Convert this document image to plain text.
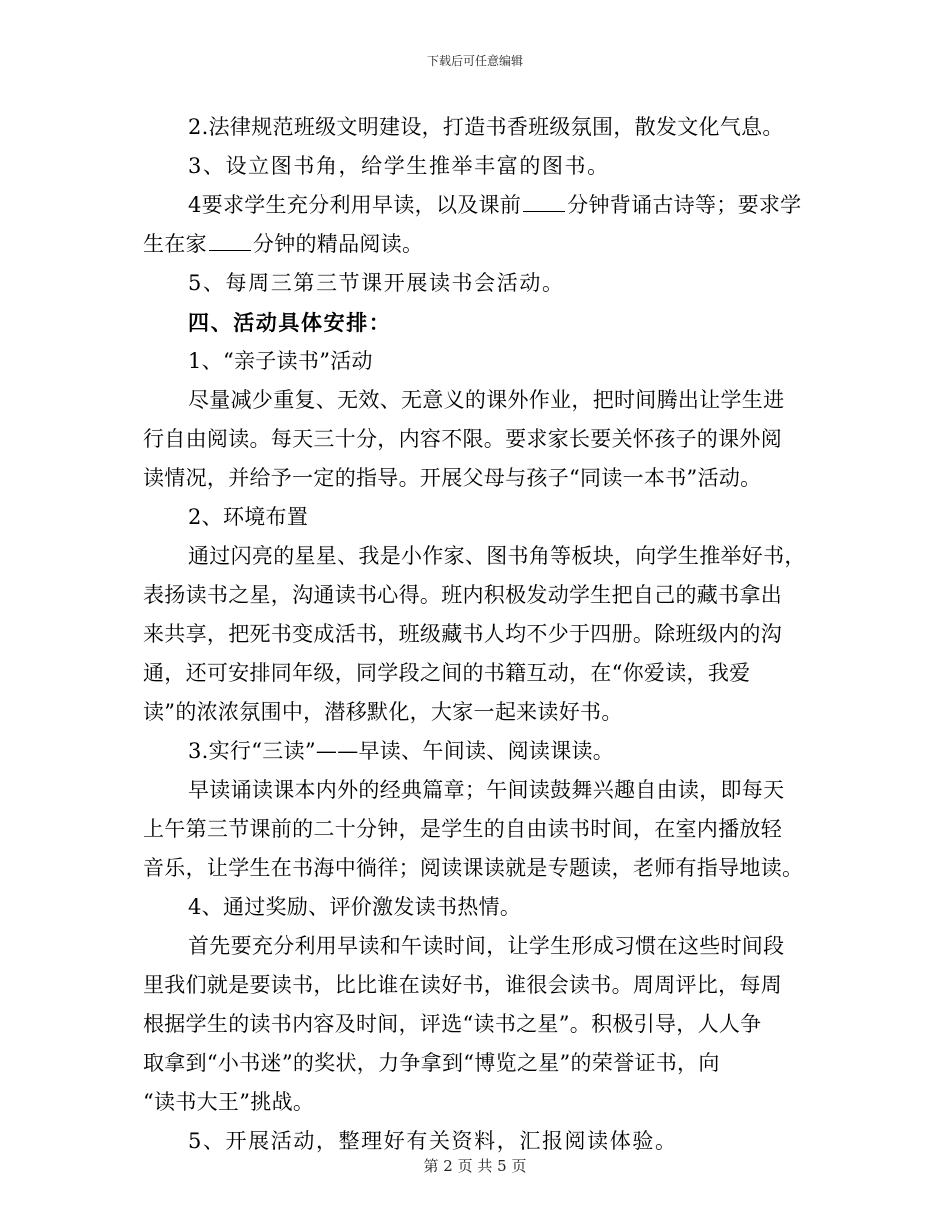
下载后可任意编辑
2.法律规范班级文明建设，打造书香班级氛围，散发文化气息。
3、设立图书角，给学生推举丰富的图书。
4要求学生充分利用早读，以及课前 分钟背诵古诗等；要求学
生在家 分钟的精品阅读。
5、每周三第三节课开展读书会活动。
四、活动具体安排：
1、“亲子读书”活动
尽量减少重复、无效、无意义的课外作业，把时间腾出让学生进
行自由阅读。每天三十分，内容不限。要求家长要关怀孩子的课外阅
读情况，并给予一定的指导。开展父母与孩子“同读一本书”活动。
2、环境布置
通过闪亮的星星、我是小作家、图书角等板块，向学生推举好书，
表扬读书之星，沟通读书心得。班内积极发动学生把自己的藏书拿出
来共享，把死书变成活书，班级藏书人均不少于四册。除班级内的沟
通，还可安排同年级，同学段之间的书籍互动，在“你爱读，我爱
读”的浓浓氛围中，潜移默化，大家一起来读好书。
3.实行“三读”——早读、午间读、阅读课读。
早读诵读课本内外的经典篇章；午间读鼓舞兴趣自由读，即每天
上午第三节课前的二十分钟，是学生的自由读书时间，在室内播放轻
音乐，让学生在书海中徜徉；阅读课读就是专题读，老师有指导地读。
4、通过奖励、评价激发读书热情。
首先要充分利用早读和午读时间，让学生形成习惯在这些时间段
里我们就是要读书，比比谁在读好书，谁很会读书。周周评比，每周
根据学生的读书内容及时间，评选“读书之星”。积极引导，人人争
取拿到“小书迷”的奖状，力争拿到“博览之星”的荣誉证书，向
“读书大王”挑战。
5、开展活动，整理好有关资料，汇报阅读体验。
第 2 页 共 5 页
